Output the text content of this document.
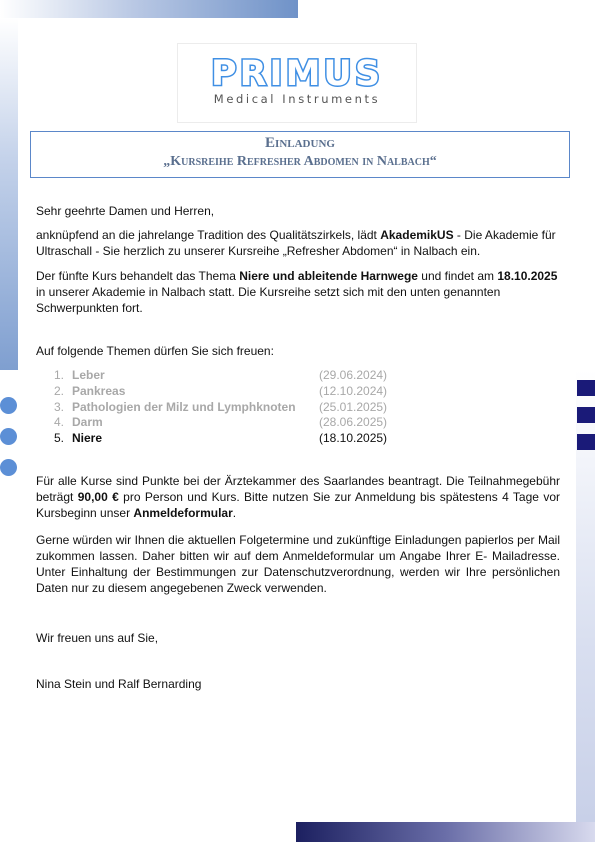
PRIMUS
Medical Instruments
Einladung
„Kursreihe Refresher Abdomen in Nalbach“
Sehr geehrte Damen und Herren,
anknüpfend an die jahrelange Tradition des Qualitätszirkels, lädt AkademikUS - Die Akademie für Ultraschall - Sie herzlich zu unserer Kursreihe „Refresher Abdomen“ in Nalbach ein.
Der fünfte Kurs behandelt das Thema Niere und ableitende Harnwege und findet am 18.10.2025 in unserer Akademie in Nalbach statt. Die Kursreihe setzt sich mit den unten genannten Schwerpunkten fort.
Auf folgende Themen dürfen Sie sich freuen:
1. Leber	(29.06.2024)
2. Pankreas	(12.10.2024)
3. Pathologien der Milz und Lymphknoten (25.01.2025)
4. Darm	(28.06.2025)
5. Niere	(18.10.2025)
Für alle Kurse sind Punkte bei der Ärztekammer des Saarlandes beantragt. Die Teilnahmegebühr beträgt 90,00 € pro Person und Kurs. Bitte nutzen Sie zur Anmeldung bis spätestens 4 Tage vor Kursbeginn unser Anmeldeformular.
Gerne würden wir Ihnen die aktuellen Folgetermine und zukünftige Einladungen papierlos per Mail zukommen lassen. Daher bitten wir auf dem Anmeldeformular um Angabe Ihrer E- Mailadresse. Unter Einhaltung der Bestimmungen zur Datenschutzverordnung, werden wir Ihre persönlichen Daten nur zu diesem angegebenen Zweck verwenden.
Wir freuen uns auf Sie,
Nina Stein und Ralf Bernarding
